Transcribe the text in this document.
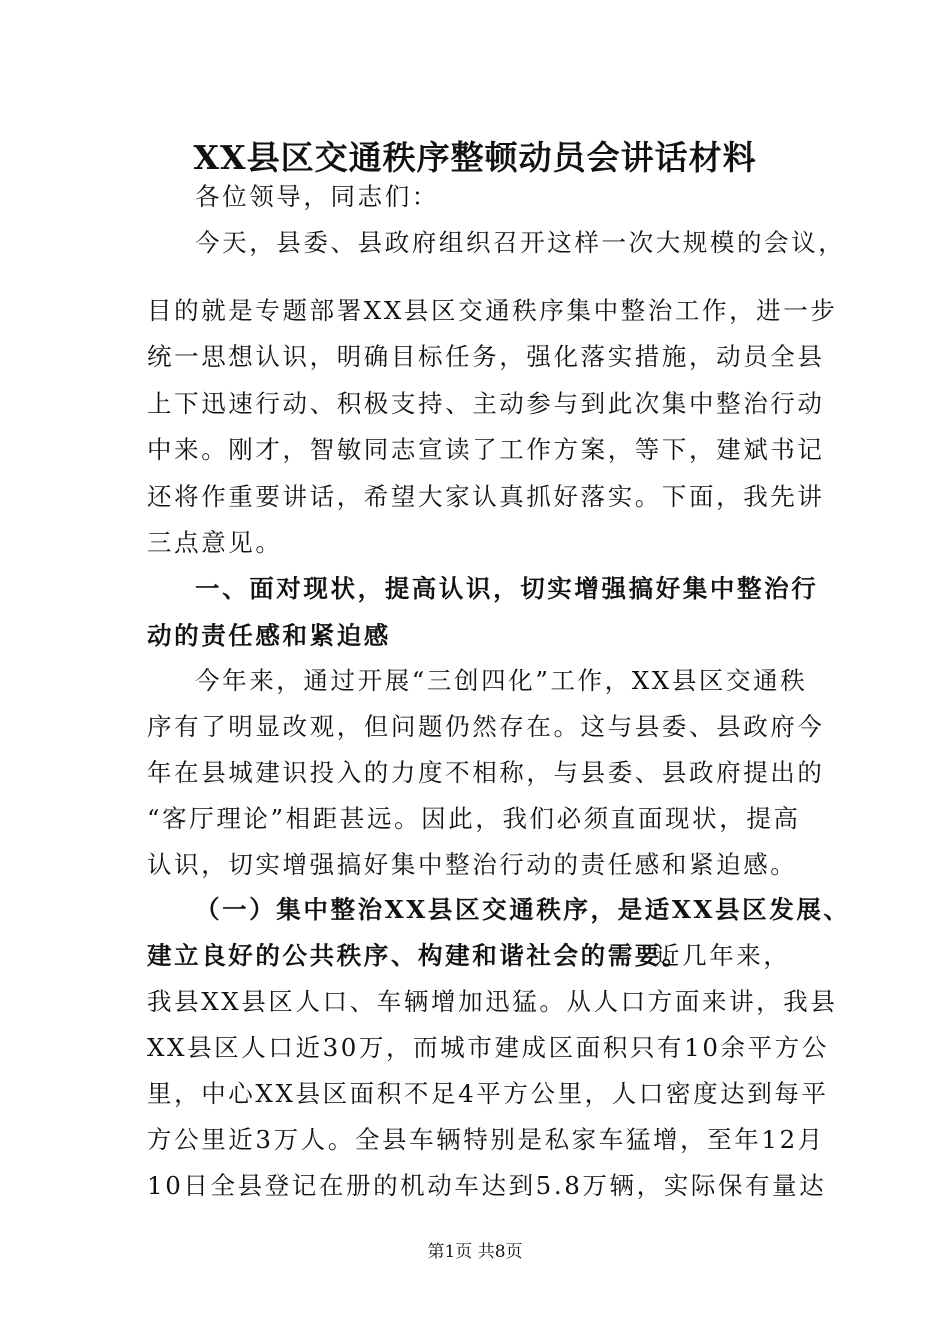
XX县区交通秩序整顿动员会讲话材料
各位领导，同志们：
今天，县委、县政府组织召开这样一次大规模的会议，
目的就是专题部署XX县区交通秩序集中整治工作，进一步
统一思想认识，明确目标任务，强化落实措施，动员全县
上下迅速行动、积极支持、主动参与到此次集中整治行动
中来。刚才，智敏同志宣读了工作方案，等下，建斌书记
还将作重要讲话，希望大家认真抓好落实。下面，我先讲
三点意见。
一、面对现状，提高认识，切实增强搞好集中整治行
动的责任感和紧迫感
今年来，通过开展“三创四化”工作，XX县区交通秩
序有了明显改观，但问题仍然存在。这与县委、县政府今
年在县城建识投入的力度不相称，与县委、县政府提出的
“客厅理论”相距甚远。因此，我们必须直面现状，提高
认识，切实增强搞好集中整治行动的责任感和紧迫感。
（一）集中整治XX县区交通秩序，是适XX县区发展、
建立良好的公共秩序、构建和谐社会的需要。
近几年来，
我县XX县区人口、车辆增加迅猛。从人口方面来讲，我县
XX县区人口近30万，而城市建成区面积只有10余平方公
里，中心XX县区面积不足4平方公里，人口密度达到每平
方公里近3万人。全县车辆特别是私家车猛增，至年12月
10日全县登记在册的机动车达到5.8万辆，实际保有量达
第1页 共8页
